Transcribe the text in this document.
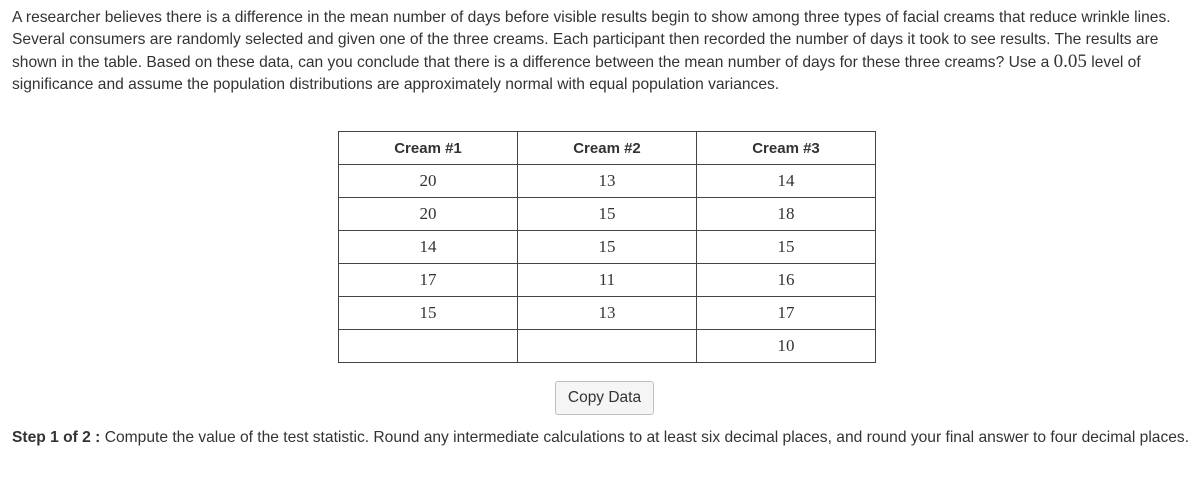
A researcher believes there is a difference in the mean number of days before visible results begin to show among three types of facial creams that reduce wrinkle lines. Several consumers are randomly selected and given one of the three creams. Each participant then recorded the number of days it took to see results. The results are shown in the table. Based on these data, can you conclude that there is a difference between the mean number of days for these three creams? Use a 0.05 level of significance and assume the population distributions are approximately normal with equal population variances.

Cream #1	Cream #2	Cream #3
20	13	14
20	15	18
14	15	15
17	11	16
15	13	17
		10
Copy Data

Step 1 of 2 : Compute the value of the test statistic. Round any intermediate calculations to at least six decimal places, and round your final answer to four decimal places.
